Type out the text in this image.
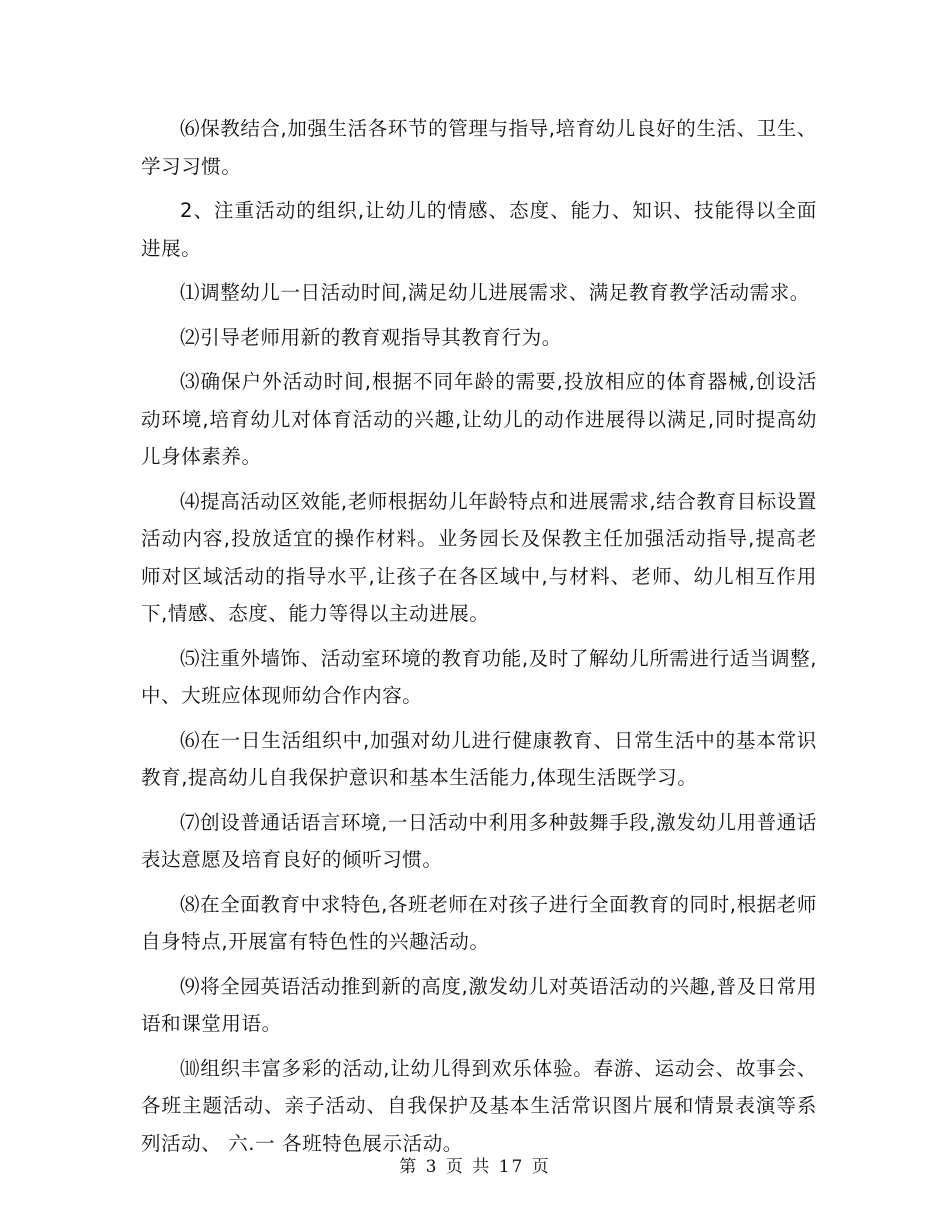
⑹保教结合,加强生活各环节的管理与指导,培育幼儿良好的生活、卫生、学习习惯。

2、注重活动的组织,让幼儿的情感、态度、能力、知识、技能得以全面进展。

⑴调整幼儿一日活动时间,满足幼儿进展需求、满足教育教学活动需求。

⑵引导老师用新的教育观指导其教育行为。

⑶确保户外活动时间,根据不同年龄的需要,投放相应的体育器械,创设活动环境,培育幼儿对体育活动的兴趣,让幼儿的动作进展得以满足,同时提高幼儿身体素养。

⑷提高活动区效能,老师根据幼儿年龄特点和进展需求,结合教育目标设置活动内容,投放适宜的操作材料。业务园长及保教主任加强活动指导,提高老师对区域活动的指导水平,让孩子在各区域中,与材料、老师、幼儿相互作用下,情感、态度、能力等得以主动进展。

⑸注重外墙饰、活动室环境的教育功能,及时了解幼儿所需进行适当调整,中、大班应体现师幼合作内容。

⑹在一日生活组织中,加强对幼儿进行健康教育、日常生活中的基本常识教育,提高幼儿自我保护意识和基本生活能力,体现生活既学习。

⑺创设普通话语言环境,一日活动中利用多种鼓舞手段,激发幼儿用普通话表达意愿及培育良好的倾听习惯。

⑻在全面教育中求特色,各班老师在对孩子进行全面教育的同时,根据老师自身特点,开展富有特色性的兴趣活动。

⑼将全园英语活动推到新的高度,激发幼儿对英语活动的兴趣,普及日常用语和课堂用语。

⑽组织丰富多彩的活动,让幼儿得到欢乐体验。春游、运动会、故事会、各班主题活动、亲子活动、自我保护及基本生活常识图片展和情景表演等系列活动、 六.一 各班特色展示活动。

第 3 页 共 17 页
